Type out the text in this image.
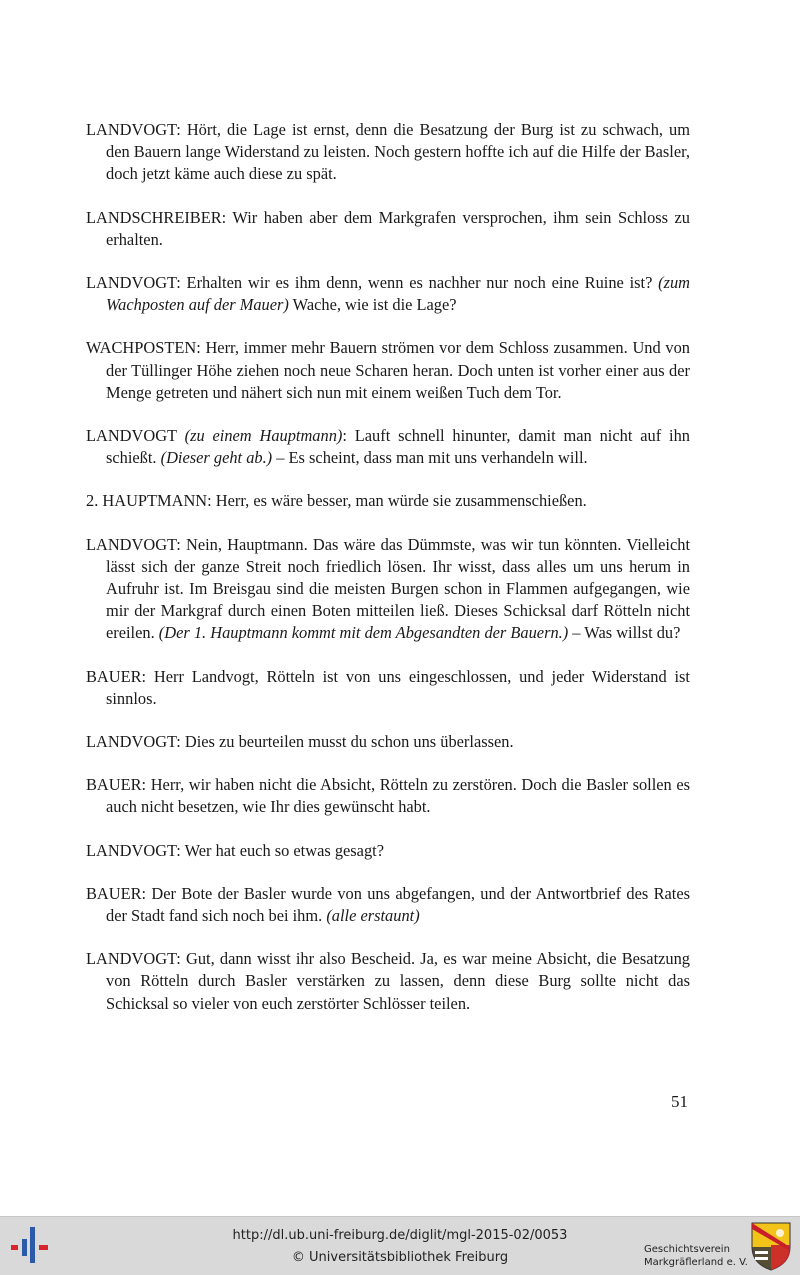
LANDVOGT: Hört, die Lage ist ernst, denn die Besatzung der Burg ist zu schwach, um den Bauern lange Widerstand zu leisten. Noch gestern hoffte ich auf die Hilfe der Basler, doch jetzt käme auch diese zu spät.

LANDSCHREIBER: Wir haben aber dem Markgrafen versprochen, ihm sein Schloss zu erhalten.

LANDVOGT: Erhalten wir es ihm denn, wenn es nachher nur noch eine Ruine ist? (zum Wachposten auf der Mauer) Wache, wie ist die Lage?

WACHPOSTEN: Herr, immer mehr Bauern strömen vor dem Schloss zusammen. Und von der Tüllinger Höhe ziehen noch neue Scharen heran. Doch unten ist vorher einer aus der Menge getreten und nähert sich nun mit einem weißen Tuch dem Tor.

LANDVOGT (zu einem Hauptmann): Lauft schnell hinunter, damit man nicht auf ihn schießt. (Dieser geht ab.) – Es scheint, dass man mit uns verhandeln will.

2. HAUPTMANN: Herr, es wäre besser, man würde sie zusammenschießen.

LANDVOGT: Nein, Hauptmann. Das wäre das Dümmste, was wir tun könnten. Vielleicht lässt sich der ganze Streit noch friedlich lösen. Ihr wisst, dass alles um uns herum in Aufruhr ist. Im Breisgau sind die meisten Burgen schon in Flammen aufgegangen, wie mir der Markgraf durch einen Boten mitteilen ließ. Dieses Schicksal darf Rötteln nicht ereilen. (Der 1. Hauptmann kommt mit dem Abgesandten der Bauern.) – Was willst du?

BAUER: Herr Landvogt, Rötteln ist von uns eingeschlossen, und jeder Widerstand ist sinnlos.

LANDVOGT: Dies zu beurteilen musst du schon uns überlassen.

BAUER: Herr, wir haben nicht die Absicht, Rötteln zu zerstören. Doch die Basler sollen es auch nicht besetzen, wie Ihr dies gewünscht habt.

LANDVOGT: Wer hat euch so etwas gesagt?

BAUER: Der Bote der Basler wurde von uns abgefangen, und der Antwortbrief des Rates der Stadt fand sich noch bei ihm. (alle erstaunt)

LANDVOGT: Gut, dann wisst ihr also Bescheid. Ja, es war meine Absicht, die Besatzung von Rötteln durch Basler verstärken zu lassen, denn diese Burg sollte nicht das Schicksal so vieler von euch zerstörter Schlösser teilen.

51
http://dl.ub.uni-freiburg.de/diglit/mgl-2015-02/0053
© Universitätsbibliothek Freiburg
Geschichtsverein
Markgräflerland e. V.
